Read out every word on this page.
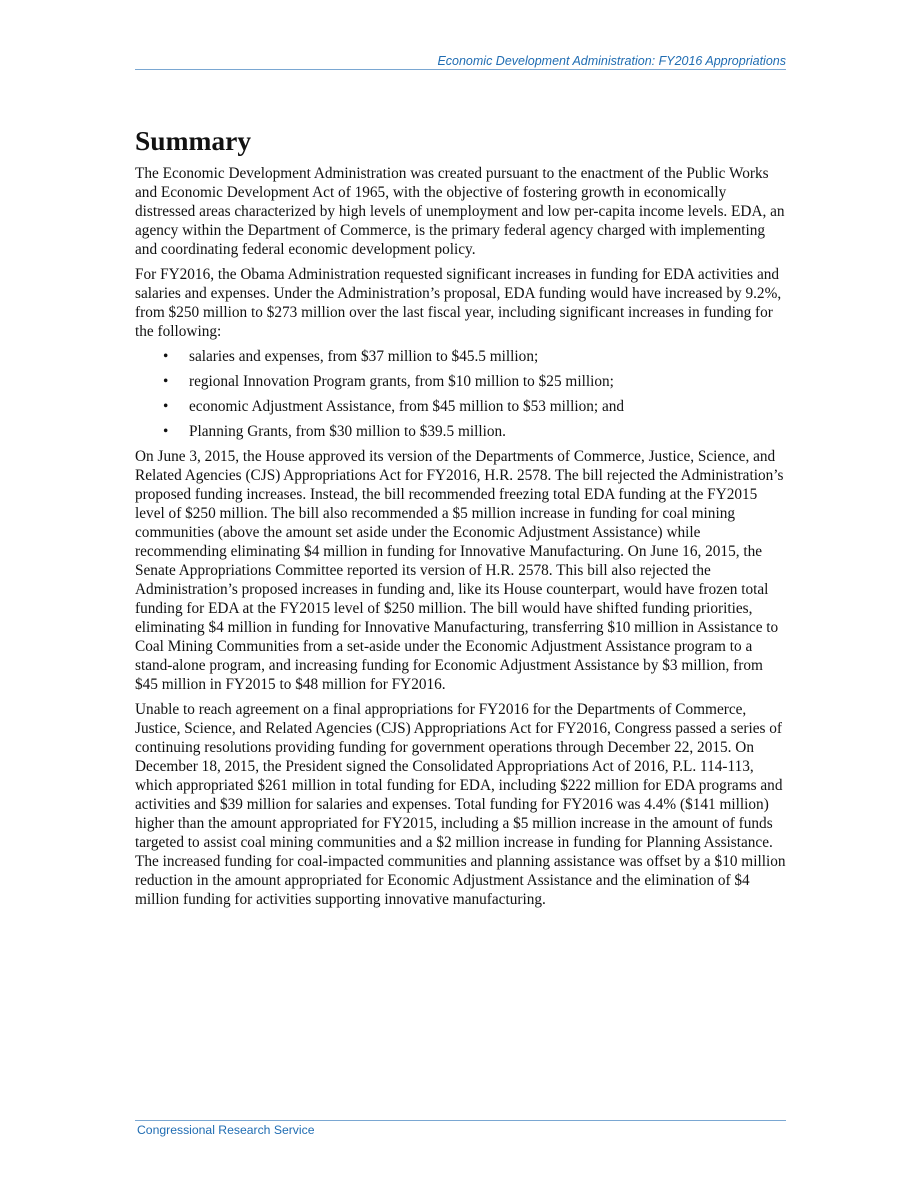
Economic Development Administration: FY2016 Appropriations
Summary

The Economic Development Administration was created pursuant to the enactment of the Public Works and Economic Development Act of 1965, with the objective of fostering growth in economically distressed areas characterized by high levels of unemployment and low per-capita income levels. EDA, an agency within the Department of Commerce, is the primary federal agency charged with implementing and coordinating federal economic development policy.

For FY2016, the Obama Administration requested significant increases in funding for EDA activities and salaries and expenses. Under the Administration’s proposal, EDA funding would have increased by 9.2%, from $250 million to $273 million over the last fiscal year, including significant increases in funding for the following:

• salaries and expenses, from $37 million to $45.5 million;
• regional Innovation Program grants, from $10 million to $25 million;
• economic Adjustment Assistance, from $45 million to $53 million; and
• Planning Grants, from $30 million to $39.5 million.

On June 3, 2015, the House approved its version of the Departments of Commerce, Justice, Science, and Related Agencies (CJS) Appropriations Act for FY2016, H.R. 2578. The bill rejected the Administration’s proposed funding increases. Instead, the bill recommended freezing total EDA funding at the FY2015 level of $250 million. The bill also recommended a $5 million increase in funding for coal mining communities (above the amount set aside under the Economic Adjustment Assistance) while recommending eliminating $4 million in funding for Innovative Manufacturing. On June 16, 2015, the Senate Appropriations Committee reported its version of H.R. 2578. This bill also rejected the Administration’s proposed increases in funding and, like its House counterpart, would have frozen total funding for EDA at the FY2015 level of $250 million. The bill would have shifted funding priorities, eliminating $4 million in funding for Innovative Manufacturing, transferring $10 million in Assistance to Coal Mining Communities from a set-aside under the Economic Adjustment Assistance program to a stand-alone program, and increasing funding for Economic Adjustment Assistance by $3 million, from $45 million in FY2015 to $48 million for FY2016.

Unable to reach agreement on a final appropriations for FY2016 for the Departments of Commerce, Justice, Science, and Related Agencies (CJS) Appropriations Act for FY2016, Congress passed a series of continuing resolutions providing funding for government operations through December 22, 2015. On December 18, 2015, the President signed the Consolidated Appropriations Act of 2016, P.L. 114-113, which appropriated $261 million in total funding for EDA, including $222 million for EDA programs and activities and $39 million for salaries and expenses. Total funding for FY2016 was 4.4% ($141 million) higher than the amount appropriated for FY2015, including a $5 million increase in the amount of funds targeted to assist coal mining communities and a $2 million increase in funding for Planning Assistance. The increased funding for coal-impacted communities and planning assistance was offset by a $10 million reduction in the amount appropriated for Economic Adjustment Assistance and the elimination of $4 million funding for activities supporting innovative manufacturing.

Congressional Research Service
